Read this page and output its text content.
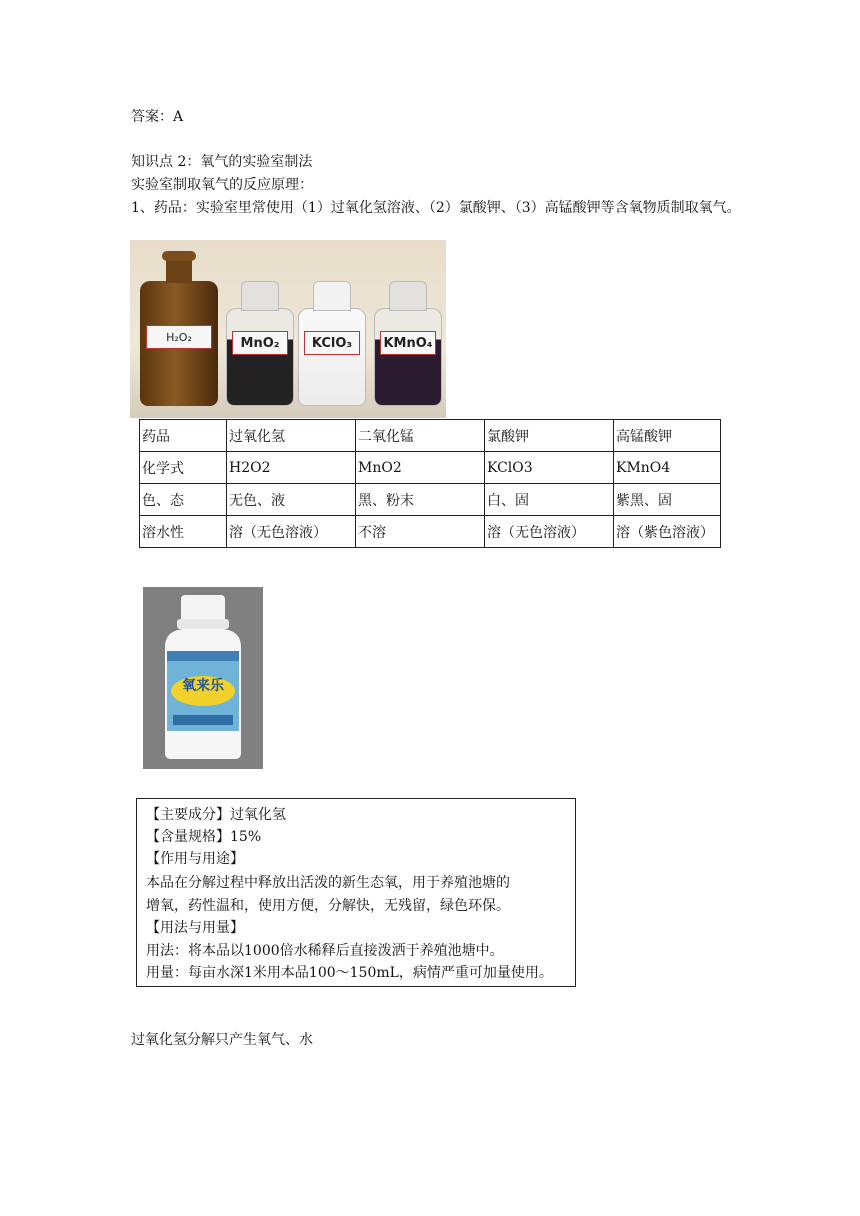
答案：A
知识点 2：氧气的实验室制法
实验室制取氧气的反应原理：
1、药品：实验室里常使用（1）过氧化氢溶液、（2）氯酸钾、（3）高锰酸钾等含氧物质制取氧气。
H₂O₂	MnO₂	KClO₃	KMnO₄
药品	过氧化氢	二氧化锰	氯酸钾	高锰酸钾
化学式	H2O2	MnO2	KClO3	KMnO4
色、态	无色、液	黑、粉末	白、固	紫黑、固
溶水性	溶（无色溶液）	不溶	溶（无色溶液）	溶（紫色溶液）
氧来乐
【主要成分】过氧化氢
【含量规格】15%
【作用与用途】
本品在分解过程中释放出活泼的新生态氧，用于养殖池塘的
增氧，药性温和，使用方便，分解快，无残留，绿色环保。
【用法与用量】
用法：将本品以1000倍水稀释后直接泼洒于养殖池塘中。
用量：每亩水深1米用本品100～150mL，病情严重可加量使用。
过氧化氢分解只产生氧气、水
